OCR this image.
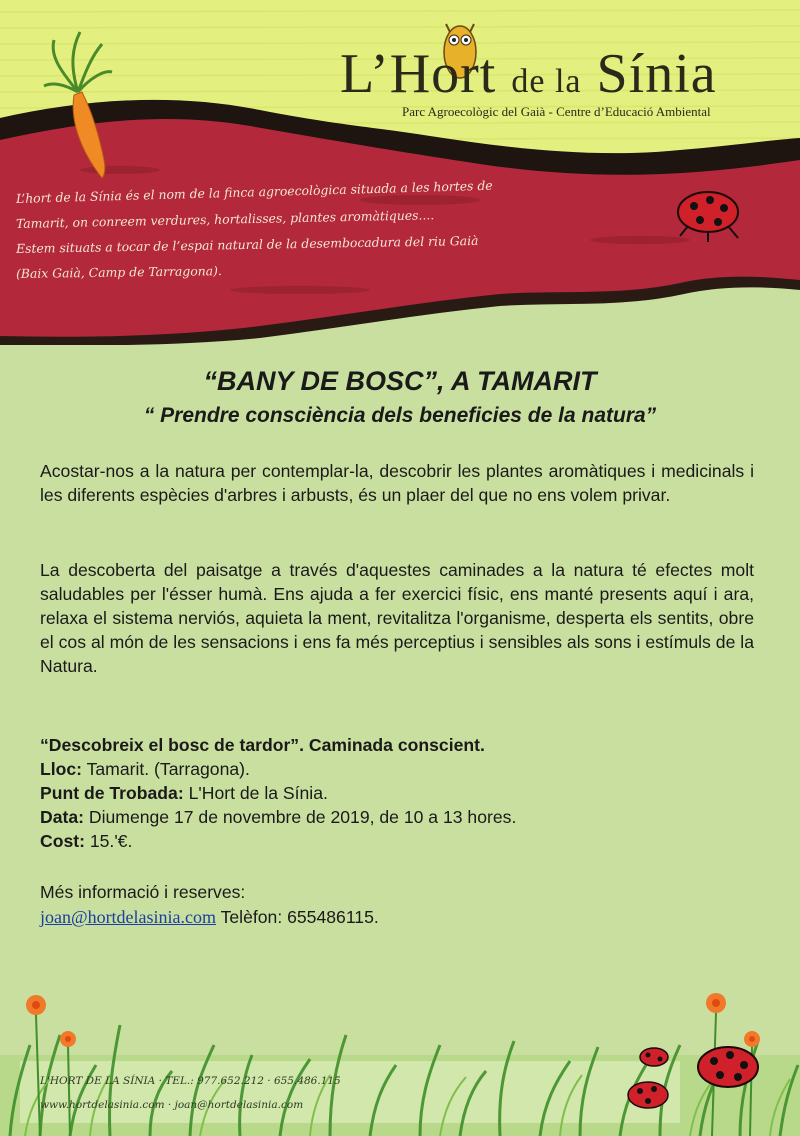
L’Hort de la Sínia
Parc Agroecològic del Gaià - Centre d’Educació Ambiental
L’hort de la Sínia és el nom de la finca agroecològica situada a les hortes de
Tamarit, on conreem verdures, hortalisses, plantes aromàtiques....
Estem situats a tocar de l’espai natural de la desembocadura del riu Gaià
(Baix Gaià, Camp de Tarragona).
“BANY DE BOSC”, A TAMARIT
“ Prendre consciència dels beneficies de la natura”
Acostar-nos a la natura per contemplar-la, descobrir les plantes aromàtiques i medicinals i les diferents espècies d'arbres i arbusts, és un plaer del que no ens volem privar.
La descoberta del paisatge a través d'aquestes caminades a la natura té efectes molt saludables per l'ésser humà. Ens ajuda a fer exercici físic, ens manté presents aquí i ara, relaxa el sistema nerviós, aquieta la ment, revitalitza l'organisme, desperta els sentits, obre el cos al món de les sensacions i ens fa més perceptius i sensibles als sons i estímuls de la Natura.
“Descobreix el bosc de tardor”. Caminada conscient.
Lloc: Tamarit. (Tarragona).
Punt de Trobada: L'Hort de la Sínia.
Data: Diumenge 17 de novembre de 2019, de 10 a 13 hores.
Cost: 15.'€.
Més informació i reserves:
joan@hortdelasinia.com Telèfon: 655486115.
L'HORT DE LA SÍNIA · TEL.: 977.652.212 · 655.486.115
www.hortdelasinia.com · joan@hortdelasinia.com
